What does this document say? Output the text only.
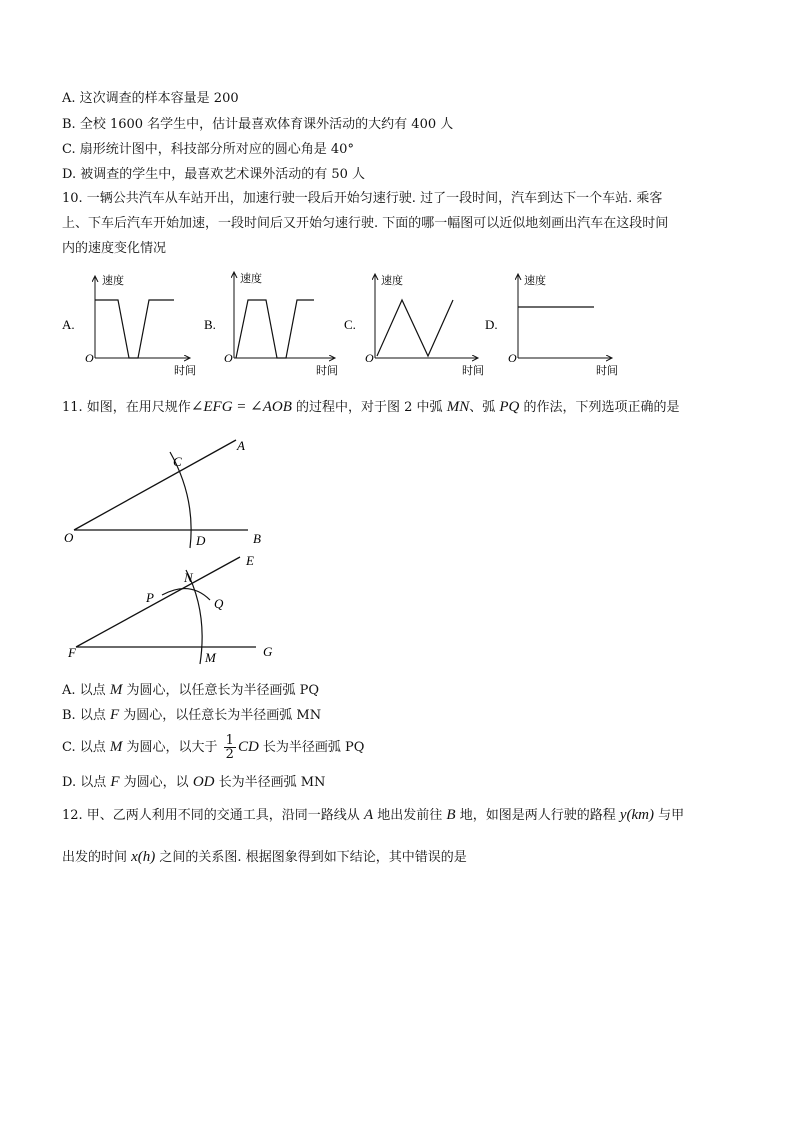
A. 这次调查的样本容量是 200
B. 全校 1600 名学生中，估计最喜欢体育课外活动的大约有 400 人
C. 扇形统计图中，科技部分所对应的圆心角是 40°
D. 被调查的学生中，最喜欢艺术课外活动的有 50 人
10. 一辆公共汽车从车站开出，加速行驶一段后开始匀速行驶. 过了一段时间，汽车到达下一个车站. 乘客
上、下车后汽车开始加速，一段时间后又开始匀速行驶. 下面的哪一幅图可以近似地刻画出汽车在这段时间
内的速度变化情况
A.
速度
时间
O
B.
速度
时间
O
C.
速度
时间
O
D.
速度
时间
O
11. 如图，在用尺规作∠EFG = ∠AOB 的过程中，对于图 2 中弧 MN、弧 PQ 的作法，下列选项正确的是
O
A
B
C
D
F
E
G
N
P	Q
M
A. 以点 M 为圆心，以任意长为半径画弧 PQ
B. 以点 F 为圆心，以任意长为半径画弧 MN
C. 以点 M 为圆心，以大于 $\frac{1}{2}$ CD 长为半径画弧 PQ
D. 以点 F 为圆心，以 OD 长为半径画弧 MN
12. 甲、乙两人利用不同的交通工具，沿同一路线从 A 地出发前往 B 地，如图是两人行驶的路程 y(km) 与甲
出发的时间 x(h) 之间的关系图. 根据图象得到如下结论，其中错误的是
